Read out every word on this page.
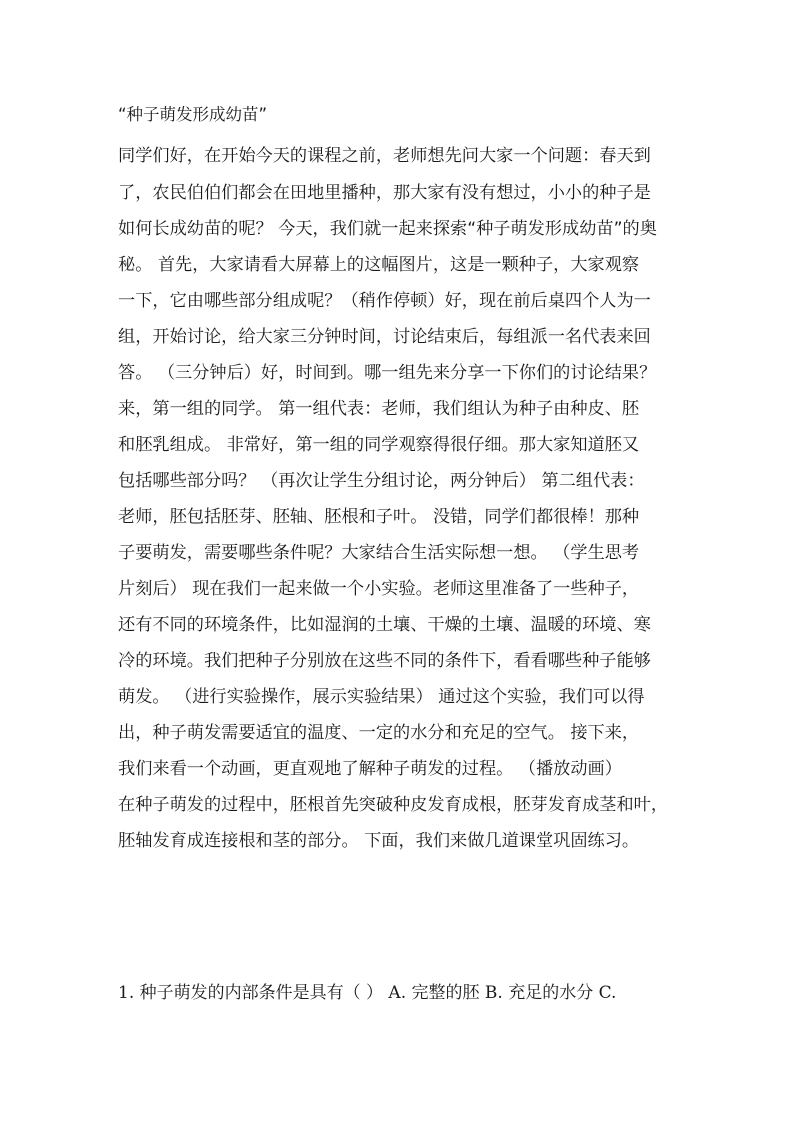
“种子萌发形成幼苗”
同学们好，在开始今天的课程之前，老师想先问大家一个问题：春天到
了，农民伯伯们都会在田地里播种，那大家有没有想过，小小的种子是
如何长成幼苗的呢？ 今天，我们就一起来探索“种子萌发形成幼苗”的奥
秘。 首先，大家请看大屏幕上的这幅图片，这是一颗种子，大家观察
一下，它由哪些部分组成呢？（稍作停顿）好，现在前后桌四个人为一
组，开始讨论，给大家三分钟时间，讨论结束后，每组派一名代表来回
答。 （三分钟后）好，时间到。哪一组先来分享一下你们的讨论结果？
来，第一组的同学。 第一组代表：老师，我们组认为种子由种皮、胚
和胚乳组成。 非常好，第一组的同学观察得很仔细。那大家知道胚又
包括哪些部分吗？ （再次让学生分组讨论，两分钟后） 第二组代表：
老师，胚包括胚芽、胚轴、胚根和子叶。 没错，同学们都很棒！那种
子要萌发，需要哪些条件呢？大家结合生活实际想一想。 （学生思考
片刻后） 现在我们一起来做一个小实验。老师这里准备了一些种子，
还有不同的环境条件，比如湿润的土壤、干燥的土壤、温暖的环境、寒
冷的环境。我们把种子分别放在这些不同的条件下，看看哪些种子能够
萌发。 （进行实验操作，展示实验结果） 通过这个实验，我们可以得
出，种子萌发需要适宜的温度、一定的水分和充足的空气。 接下来，
我们来看一个动画，更直观地了解种子萌发的过程。 （播放动画）
在种子萌发的过程中，胚根首先突破种皮发育成根，胚芽发育成茎和叶，
胚轴发育成连接根和茎的部分。 下面，我们来做几道课堂巩固练习。
1. 种子萌发的内部条件是具有（ ） A. 完整的胚 B. 充足的水分 C.
